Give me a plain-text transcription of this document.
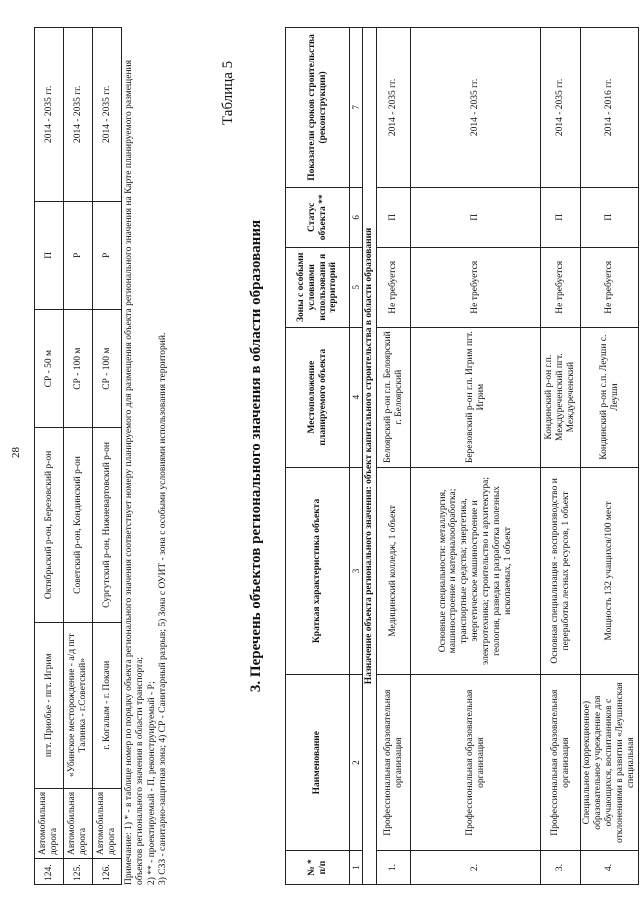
28
124.	Автомобильная дорога	пгт. Приобье - пгт. Игрим	Октябрьский р-он, Березовский р-он	СР - 50 м	П	2014 - 2035 гг.
125.	Автомобильная дорога	«Убинское месторождение - а/д пгт Талинка - г.Советский»	Советский р-он, Кондинский р-он	СР - 100 м	Р	2014 - 2035 гг.
126.	Автомобильная дорога	г. Когалым - г. Покачи	Сургутский р-он, Нижневартовский р-он	СР - 100 м	Р	2014 - 2035 гг. Примечание: 1) * - в таблице номер по порядку объекта регионального значения соответствует номеру планируемого для размещения объекта регионального значения на Карте планируемого размещения объектов регионального значения в области транспорта; 2) ** - проектируемый - П, реконструируемый - Р; 3) СЗЗ - санитарно-защитная зона; 4) СР - Санитарный разрыв; 5) Зона с ОУИТ - зона с особыми условиями использования территорий.
Таблица 5
3. Перечень объектов регионального значения в области образования
№ * п/п	Наименование	Краткая характеристика объекта	Местоположение планируемого объекта	Зоны с особыми условиями использовани я территорий	Статус объекта **	Показатели сроков строительства (реконструкции)
1	2	3	4	5	6	7
Назначение объекта регионального значения: объект капитального строительства в области образования						
1.	Профессиональная образовательная организация	Медицинский колледж, 1 объект	Белоярский р-он г.п. Белоярский г. Белоярский	Не требуется	П	2014 - 2035 гг.
2.	Профессиональная образовательная организация	Основные специальности: металлургия, машиностроение и материалообработка; транспортные средства; энергетика, энергетическое машиностроение и электротехника; строительство и архитектура; геология, разведка и разработка полезных ископаемых, 1 объект	Березовский р-он г.п. Игрим пгт. Игрим	Не требуется	П	2014 - 2035 гг.
3.	Профессиональная образовательная организация	Основная специализация - воспроизводство и переработка лесных ресурсов, 1 объект	Кондинский р-он г.п. Междуреченский пгт. Междуреченский	Не требуется	П	2014 - 2035 гг.
4.	Специальное (коррекционное) образовательное учреждение для обучающихся, воспитанников с отклонениями в развитии «Леушинская специальная	Мощность 132 учащихся/100 мест	Кондинский р-он с.п. Леуши с. Леуши	Не требуется	П	2014 - 2016 гг.
